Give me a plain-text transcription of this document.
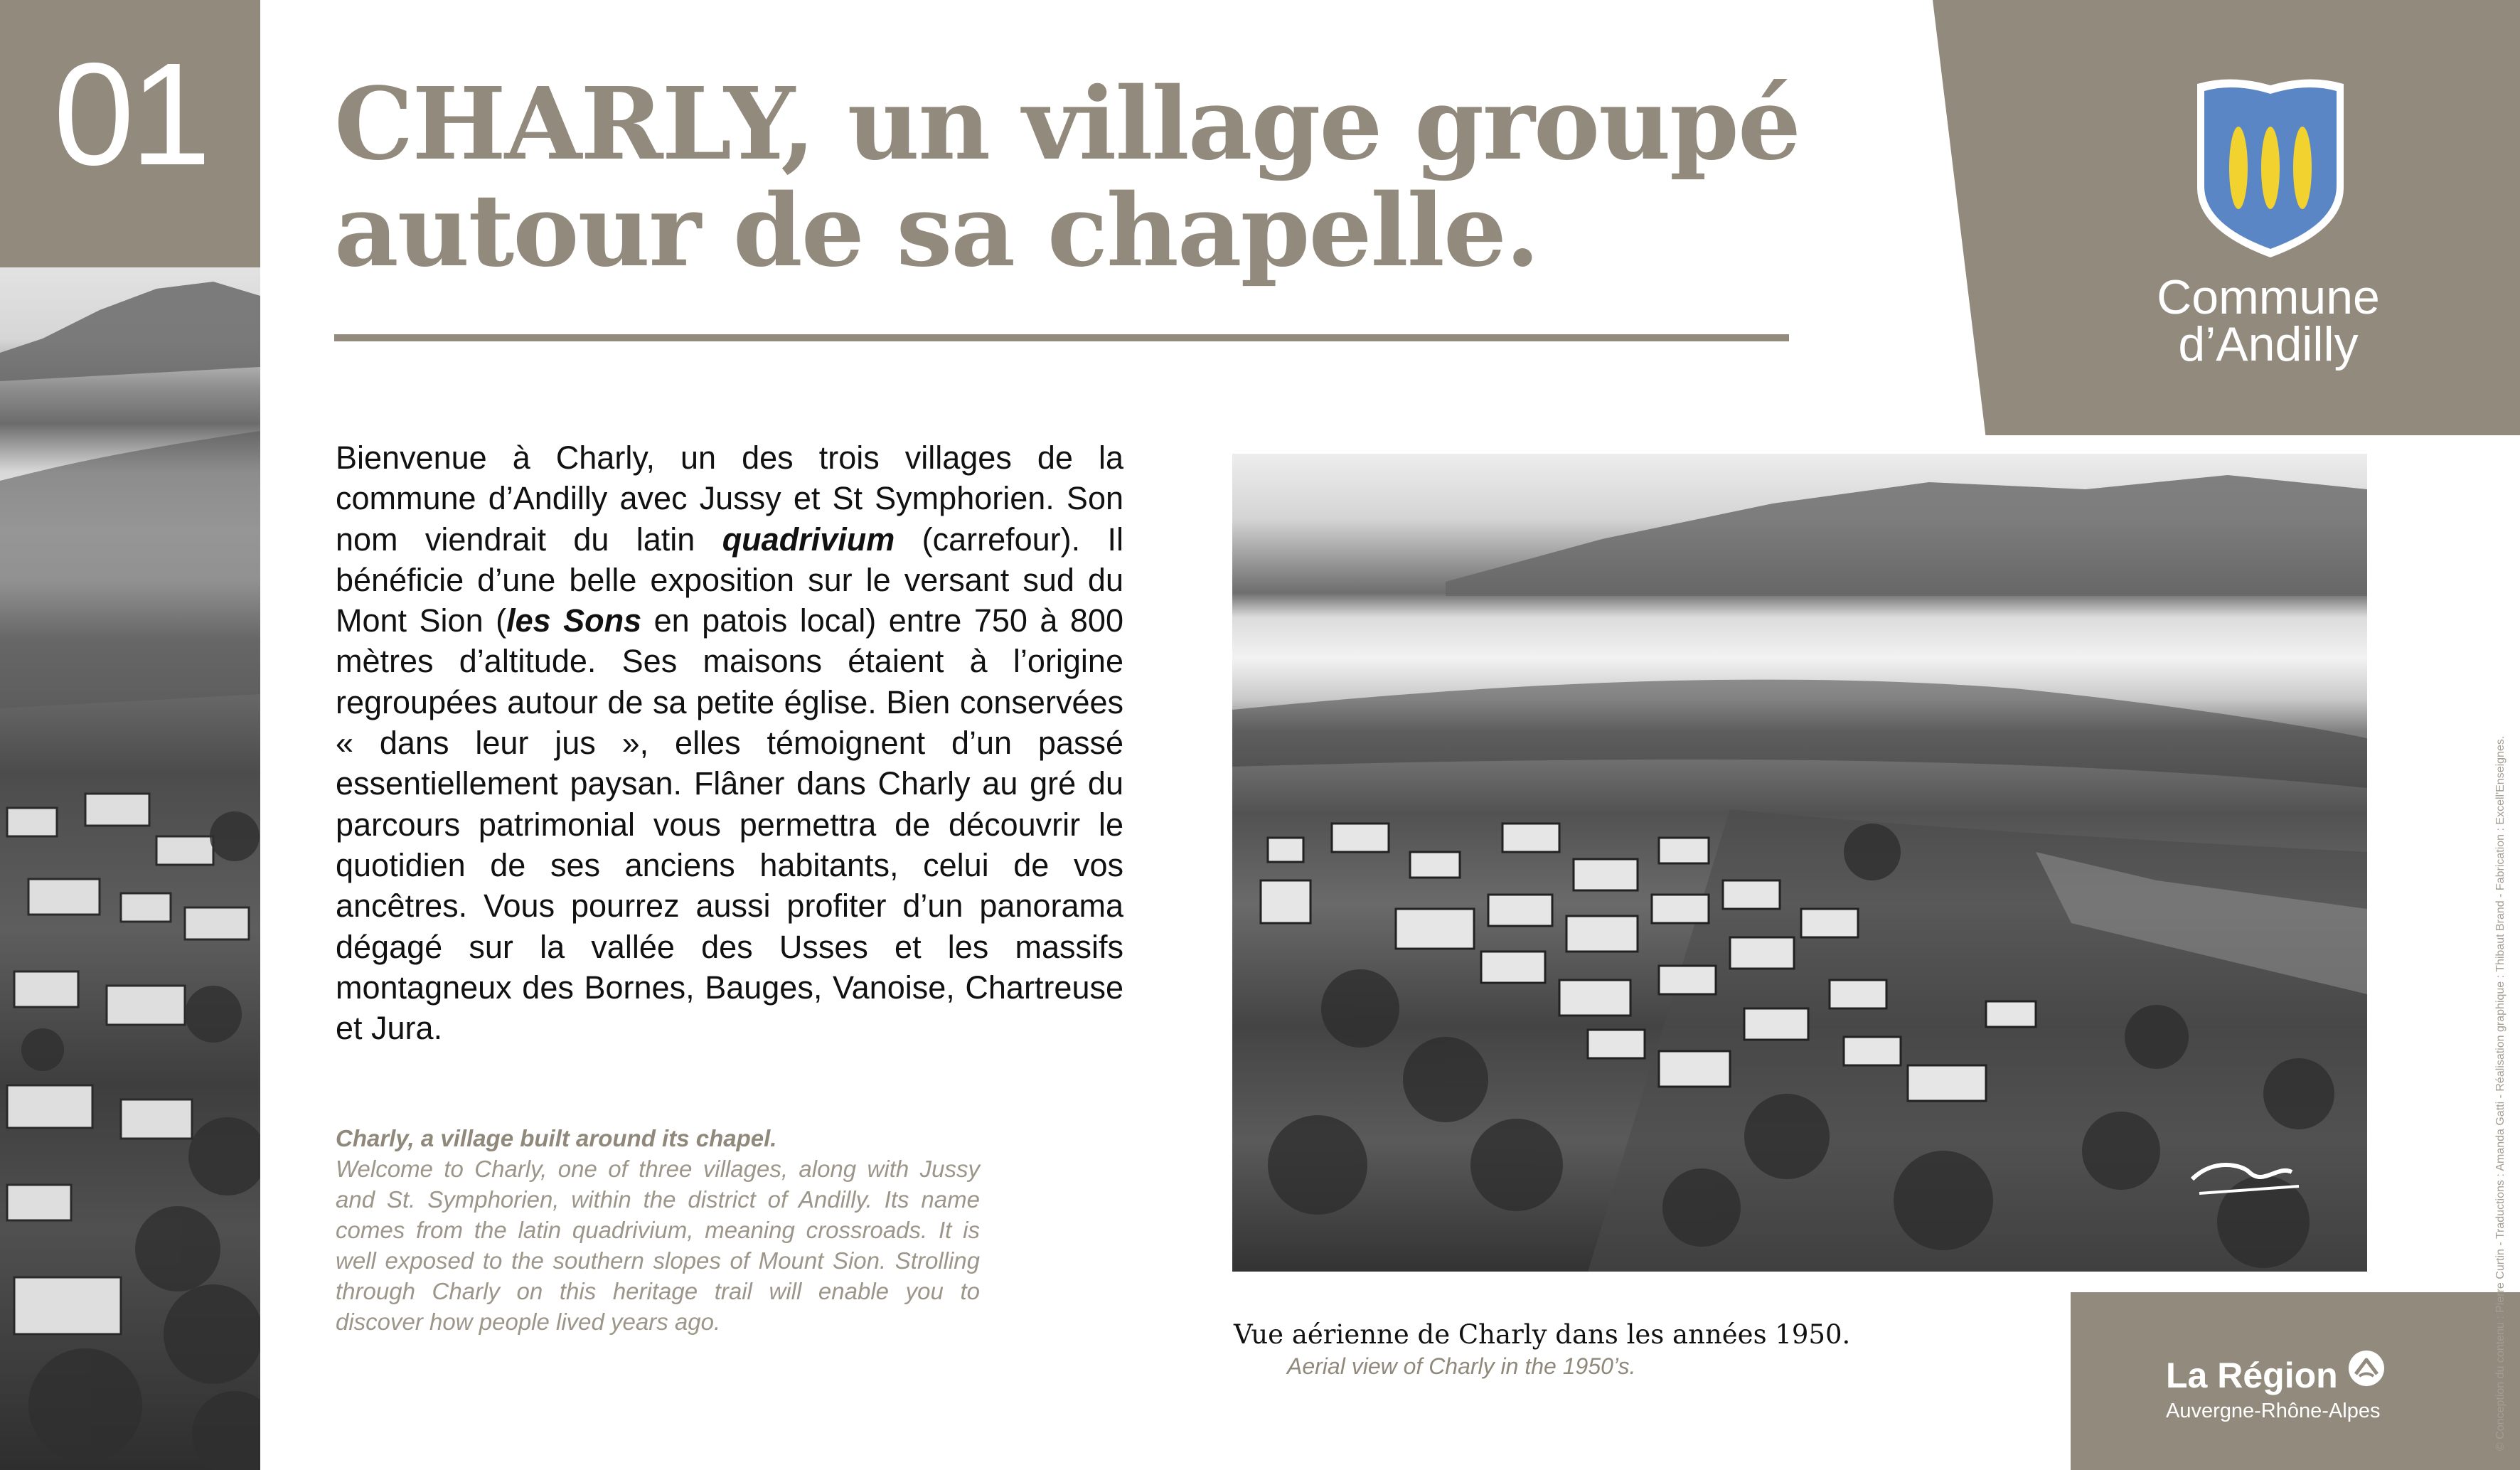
01	CHARLY, un village groupé
autour de sa chapelle.

Commune
d’Andilly

Bienvenue à Charly, un des trois villages de la commune d’Andilly avec Jussy et St Symphorien. Son nom viendrait du latin quadrivium (carrefour). Il bénéficie d’une belle exposition sur le versant sud du Mont Sion (les Sons en patois local) entre 750 à 800 mètres d’altitude. Ses maisons étaient à l’origine regroupées autour de sa petite église. Bien conservées « dans leur jus », elles témoignent d’un passé essentiellement paysan. Flâner dans Charly au gré du parcours patrimonial vous permettra de découvrir le quotidien de ses anciens habitants, celui de vos ancêtres. Vous pourrez aussi profiter d’un panorama dégagé sur la vallée des Usses et les massifs montagneux des Bornes, Bauges, Vanoise, Chartreuse et Jura.

Charly, a village built around its chapel.

Welcome to Charly, one of three villages, along with Jussy and St. Symphorien, within the district of Andilly. Its name comes from the latin quadrivium, meaning crossroads. It is well exposed to the southern slopes of Mount Sion. Strolling through Charly on this heritage trail will enable you to discover how people lived years ago.	Vue aérienne de Charly dans les années 1950.

Aerial view of Charly in the 1950’s.	La Région

Auvergne-Rhône-Alpes	© Conception du contenu : Pierre Curtin - Traductions : Amanda Gatti - Réalisation graphique : Thibaut Brand - Fabrication : Excell'Enseignes.
